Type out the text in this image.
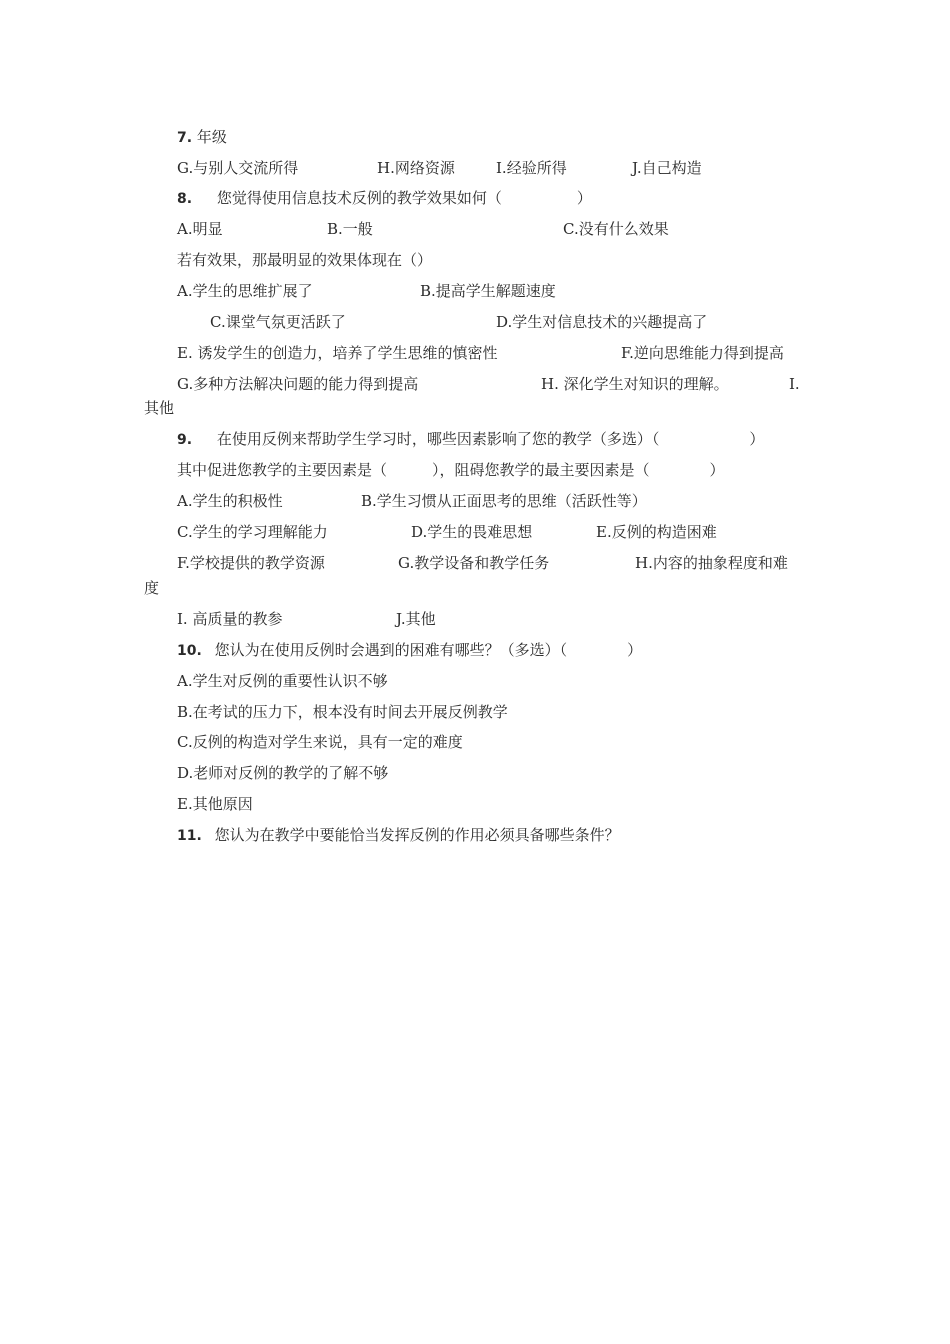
7. 年级
G.与别人交流所得	H.网络资源	I.经验所得	J.自己构造
8. 您觉得使用信息技术反例的教学效果如何（　　　　　）
A.明显	B.一般	C.没有什么效果
若有效果，那最明显的效果体现在（）
A.学生的思维扩展了	B.提高学生解题速度
C.课堂气氛更活跃了	D.学生对信息技术的兴趣提高了
E. 诱发学生的创造力，培养了学生思维的慎密性	F.逆向思维能力得到提高
G.多种方法解决问题的能力得到提高	H. 深化学生对知识的理解。	I.
其他
9. 在使用反例来帮助学生学习时，哪些因素影响了您的教学（多选）（　　　　　　）
其中促进您教学的主要因素是（　　　），阻碍您教学的最主要因素是（　　　　）
A.学生的积极性	B.学生习惯从正面思考的思维（活跃性等）
C.学生的学习理解能力	D.学生的畏难思想	E.反例的构造困难
F.学校提供的教学资源	G.教学设备和教学任务	H.内容的抽象程度和难
度
I. 高质量的教参	J.其他
10. 您认为在使用反例时会遇到的困难有哪些？（多选）（　　　　）
A.学生对反例的重要性认识不够
B.在考试的压力下，根本没有时间去开展反例教学
C.反例的构造对学生来说，具有一定的难度
D.老师对反例的教学的了解不够
E.其他原因
11. 您认为在教学中要能恰当发挥反例的作用必须具备哪些条件？
